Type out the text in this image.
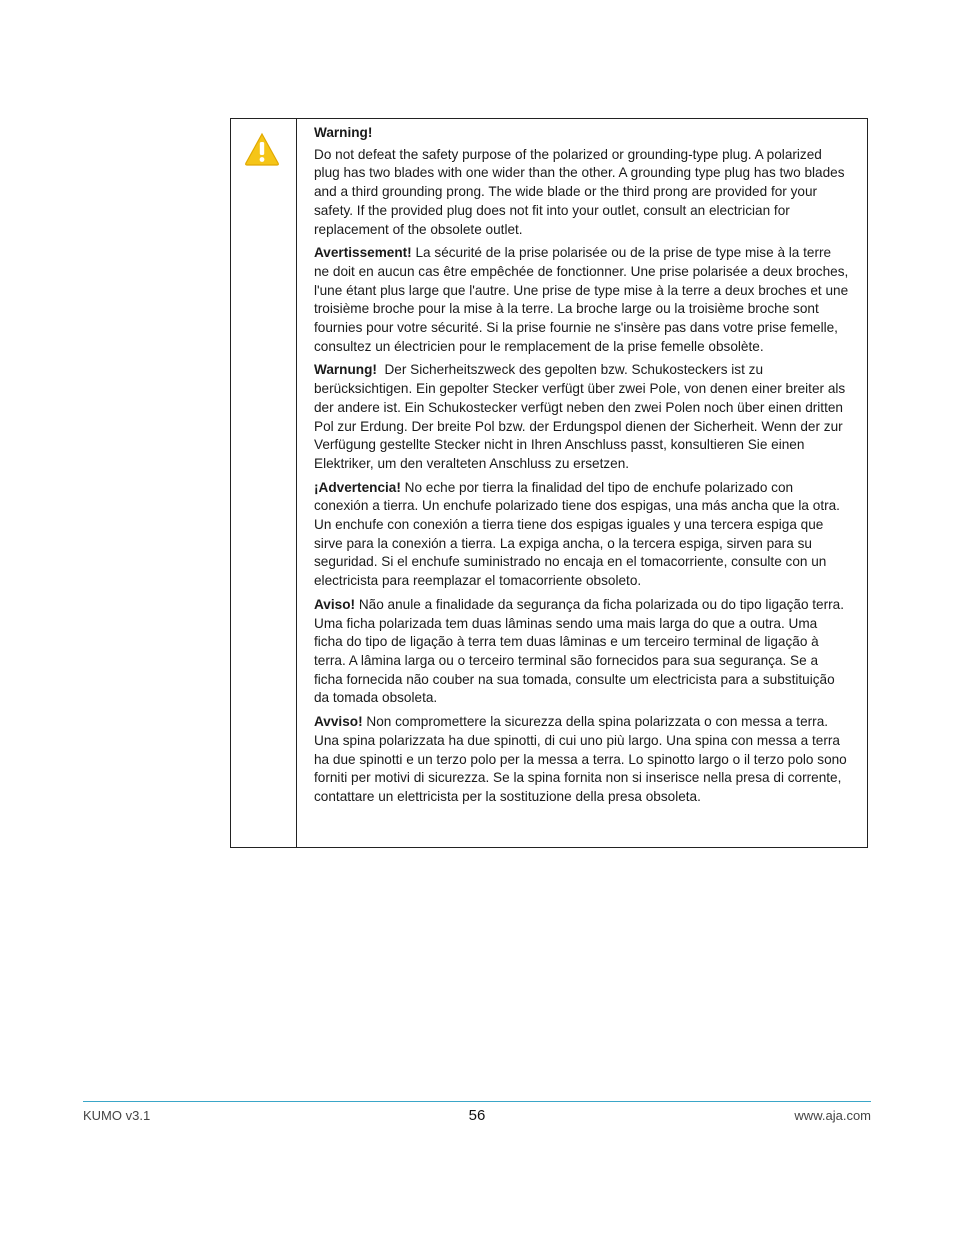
Warning!

Do not defeat the safety purpose of the polarized or grounding-type plug. A polarized plug has two blades with one wider than the other. A grounding type plug has two blades and a third grounding prong. The wide blade or the third prong are provided for your safety. If the provided plug does not fit into your outlet, consult an electrician for replacement of the obsolete outlet.

Avertissement! La sécurité de la prise polarisée ou de la prise de type mise à la terre ne doit en aucun cas être empêchée de fonctionner. Une prise polarisée a deux broches, l'une étant plus large que l'autre. Une prise de type mise à la terre a deux broches et une troisième broche pour la mise à la terre. La broche large ou la troisième broche sont fournies pour votre sécurité. Si la prise fournie ne s'insère pas dans votre prise femelle, consultez un électricien pour le remplacement de la prise femelle obsolète.

Warnung!  Der Sicherheitszweck des gepolten bzw. Schukosteckers ist zu berücksichtigen. Ein gepolter Stecker verfügt über zwei Pole, von denen einer breiter als der andere ist. Ein Schukostecker verfügt neben den zwei Polen noch über einen dritten Pol zur Erdung. Der breite Pol bzw. der Erdungspol dienen der Sicherheit. Wenn der zur Verfügung gestellte Stecker nicht in Ihren Anschluss passt, konsultieren Sie einen Elektriker, um den veralteten Anschluss zu ersetzen.

¡Advertencia! No eche por tierra la finalidad del tipo de enchufe polarizado con conexión a tierra. Un enchufe polarizado tiene dos espigas, una más ancha que la otra. Un enchufe con conexión a tierra tiene dos espigas iguales y una tercera espiga que sirve para la conexión a tierra. La expiga ancha, o la tercera espiga, sirven para su seguridad. Si el enchufe suministrado no encaja en el tomacorriente, consulte con un electricista para reemplazar el tomacorriente obsoleto.

Aviso! Não anule a finalidade da segurança da ficha polarizada ou do tipo ligação terra. Uma ficha polarizada tem duas lâminas sendo uma mais larga do que a outra. Uma ficha do tipo de ligação à terra tem duas lâminas e um terceiro terminal de ligação à terra. A lâmina larga ou o terceiro terminal são fornecidos para sua segurança. Se a ficha fornecida não couber na sua tomada, consulte um electricista para a substituição da tomada obsoleta.

Avviso! Non compromettere la sicurezza della spina polarizzata o con messa a terra. Una spina polarizzata ha due spinotti, di cui uno più largo. Una spina con messa a terra ha due spinotti e un terzo polo per la messa a terra. Lo spinotto largo o il terzo polo sono forniti per motivi di sicurezza. Se la spina fornita non si inserisce nella presa di corrente, contattare un elettricista per la sostituzione della presa obsoleta.

KUMO v3.1	56	www.aja.com
